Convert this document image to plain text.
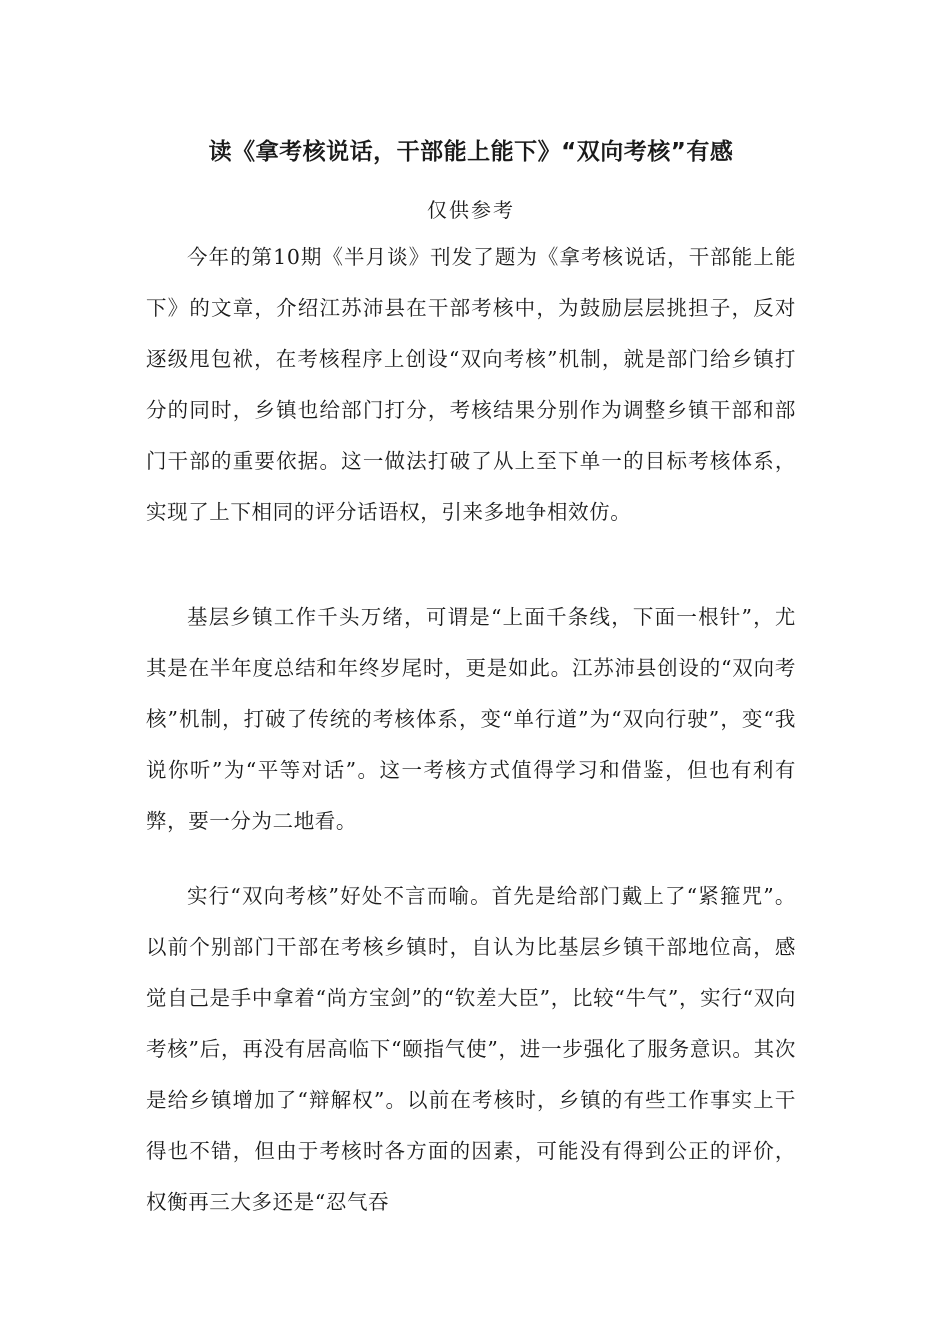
读《拿考核说话，干部能上能下》“双向考核”有感

仅供参考

今年的第10期《半月谈》刊发了题为《拿考核说话，干部能上能下》的文章，介绍江苏沛县在干部考核中，为鼓励层层挑担子，反对逐级甩包袱，在考核程序上创设“双向考核”机制，就是部门给乡镇打分的同时，乡镇也给部门打分，考核结果分别作为调整乡镇干部和部门干部的重要依据。这一做法打破了从上至下单一的目标考核体系，实现了上下相同的评分话语权，引来多地争相效仿。

基层乡镇工作千头万绪，可谓是“上面千条线，下面一根针”，尤其是在半年度总结和年终岁尾时，更是如此。江苏沛县创设的“双向考核”机制，打破了传统的考核体系，变“单行道”为“双向行驶”，变“我说你听”为“平等对话”。这一考核方式值得学习和借鉴，但也有利有弊，要一分为二地看。

实行“双向考核”好处不言而喻。首先是给部门戴上了“紧箍咒”。以前个别部门干部在考核乡镇时，自认为比基层乡镇干部地位高，感觉自己是手中拿着“尚方宝剑”的“钦差大臣”，比较“牛气”，实行“双向考核”后，再没有居高临下“颐指气使”，进一步强化了服务意识。其次是给乡镇增加了“辩解权”。以前在考核时，乡镇的有些工作事实上干得也不错，但由于考核时各方面的因素，可能没有得到公正的评价，权衡再三大多还是“忍气吞
